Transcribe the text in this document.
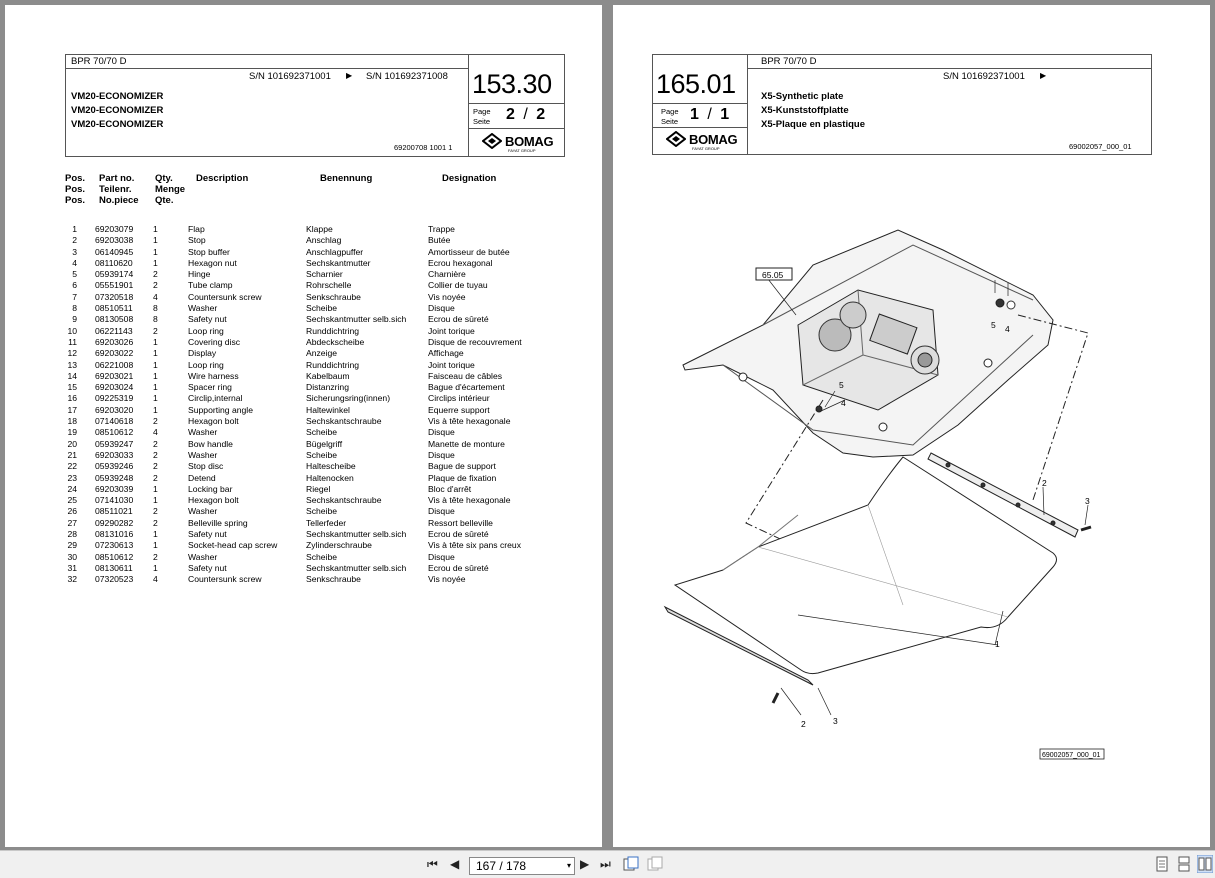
BPR 70/70 D
S/N 101692371001 ▶ S/N 101692371008
VM20-ECONOMIZER
VM20-ECONOMIZER
VM20-ECONOMIZER
69200708 1001 1
153.30
Page
Seite 2 / 2
BOMAG
FAYAT GROUP
Pos.
Pos.
Pos.
Part no.
Teilenr.
No.piece
Qty.
Menge
Qte.
Description	Benennung	Designation
1	69203079	1	Flap	Klappe	Trappe
2	69203038	1	Stop	Anschlag	Butée
3	06140945	1	Stop buffer	Anschlagpuffer	Amortisseur de butée
4	08110620	1	Hexagon nut	Sechskantmutter	Ecrou hexagonal
5	05939174	2	Hinge	Scharnier	Charnière
6	05551901	2	Tube clamp	Rohrschelle	Collier de tuyau
7	07320518	4	Countersunk screw	Senkschraube	Vis noyée
8	08510511	8	Washer	Scheibe	Disque
9	08130508	8	Safety nut	Sechskantmutter selb.sich	Ecrou de sûreté
10	06221143	2	Loop ring	Runddichtring	Joint torique
11	69203026	1	Covering disc	Abdeckscheibe	Disque de recouvrement
12	69203022	1	Display	Anzeige	Affichage
13	06221008	1	Loop ring	Runddichtring	Joint torique
14	69203021	1	Wire harness	Kabelbaum	Faisceau de câbles
15	69203024	1	Spacer ring	Distanzring	Bague d'écartement
16	09225319	1	Circlip,internal	Sicherungsring(innen)	Circlips intérieur
17	69203020	1	Supporting angle	Haltewinkel	Equerre support
18	07140618	2	Hexagon bolt	Sechskantschraube	Vis à tête hexagonale
19	08510612	4	Washer	Scheibe	Disque
20	05939247	2	Bow handle	Bügelgriff	Manette de monture
21	69203033	2	Washer	Scheibe	Disque
22	05939246	2	Stop disc	Haltescheibe	Bague de support
23	05939248	2	Detend	Haltenocken	Plaque de fixation
24	69203039	1	Locking bar	Riegel	Bloc d'arrêt
25	07141030	1	Hexagon bolt	Sechskantschraube	Vis à tête hexagonale
26	08511021	2	Washer	Scheibe	Disque
27	09290282	2	Belleville spring	Tellerfeder	Ressort belleville
28	08131016	1	Safety nut	Sechskantmutter selb.sich	Ecrou de sûreté
29	07230613	1	Socket-head cap screw	Zylinderschraube	Vis à tête six pans creux
30	08510612	2	Washer	Scheibe	Disque
31	08130611	1	Safety nut	Sechskantmutter selb.sich	Ecrou de sûreté
32	07320523	4	Countersunk screw	Senkschraube	Vis noyée
BPR 70/70 D
S/N 101692371001 ▶
165.01
Page
Seite 1 / 1
BOMAG
FAYAT GROUP
X5-Synthetic plate
X5-Kunststoffplatte
X5-Plaque en plastique
69002057_000_01
65.05
1
2
3
2	3
4
5
4
5
69002057_000_01
⏮ ◀ 167 / 178	▾ ▶ ⏭
